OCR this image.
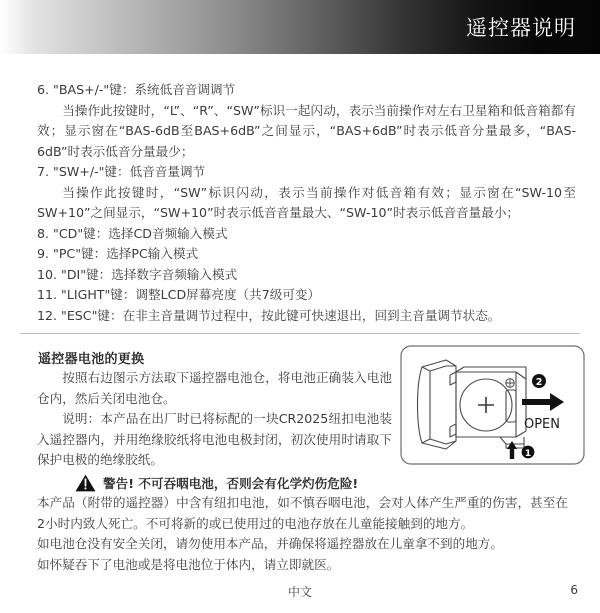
遥控器说明
6. "BAS+/-"键：系统低音音调调节

当操作此按键时，“L”、“R”、“SW”标识一起闪动，表示当前操作对左右卫星箱和低音箱都有效；显示窗在“BAS-6dB至BAS+6dB”之间显示，“BAS+6dB”时表示低音分量最多，“BAS-6dB”时表示低音分量最少；

7. "SW+/-"键：低音音量调节

当操作此按键时，“SW”标识闪动，表示当前操作对低音箱有效；显示窗在“SW-10至SW+10”之间显示，“SW+10”时表示低音音量最大、“SW-10”时表示低音音量最小；

8. "CD"键：选择CD音频输入模式
9. "PC"键：选择PC输入模式
10. "DI"键：选择数字音频输入模式
11. "LIGHT"键：调整LCD屏幕亮度（共7级可变）
12. "ESC"键：在非主音量调节过程中，按此键可快速退出，回到主音量调节状态。
遥控器电池的更换

按照右边图示方法取下遥控器电池仓，将电池正确装入电池仓内，然后关闭电池仓。

说明：本产品在出厂时已将标配的一块CR2025纽扣电池装入遥控器内，并用绝缘胶纸将电池电极封闭，初次使用时请取下保护电极的绝缘胶纸。

2
OPEN
1
警告! 不可吞咽电池，否则会有化学灼伤危险!

本产品（附带的遥控器）中含有纽扣电池，如不慎吞咽电池，会对人体产生严重的伤害，甚至在2小时内致人死亡。不可将新的或已使用过的电池存放在儿童能接触到的地方。

如电池仓没有安全关闭，请勿使用本产品，并确保将遥控器放在儿童拿不到的地方。

如怀疑吞下了电池或是将电池位于体内，请立即就医。

中文	6
